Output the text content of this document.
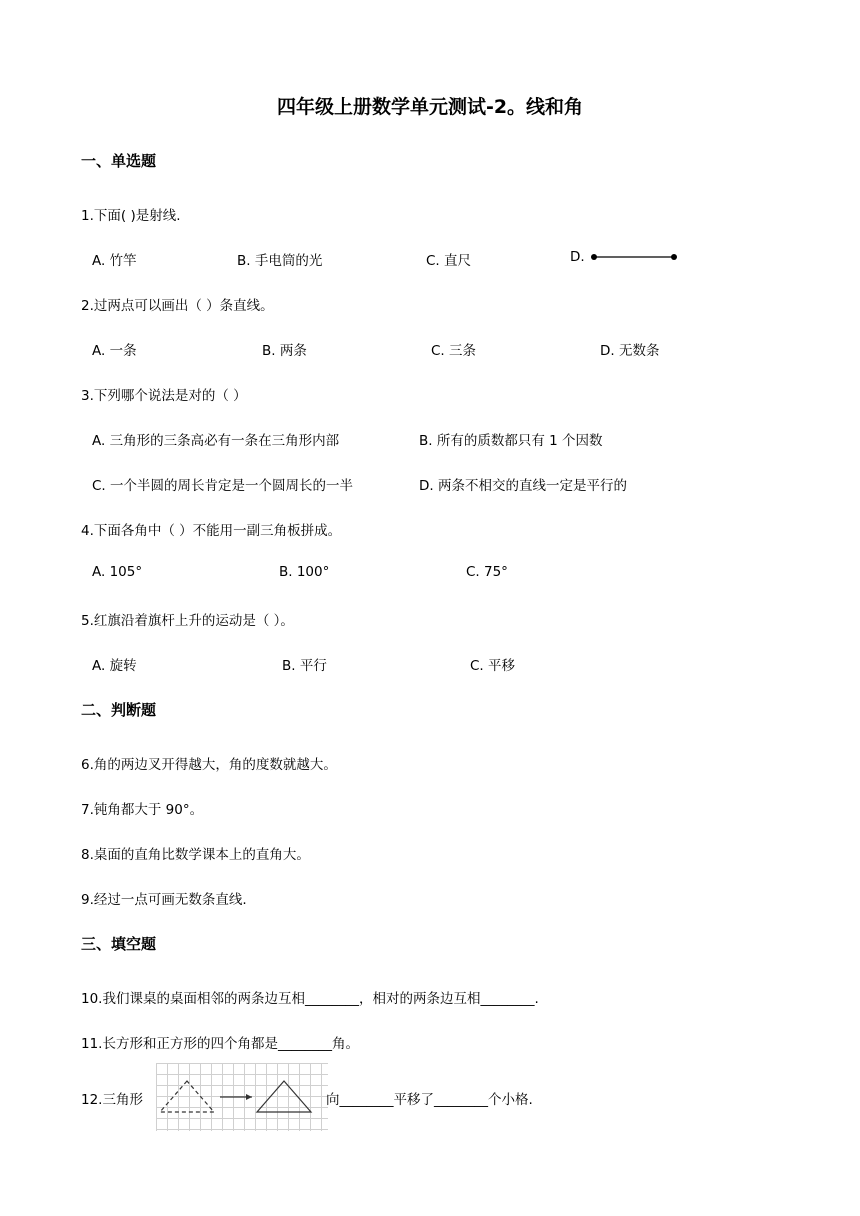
四年级上册数学单元测试-2。线和角
一、单选题
1.下面( )是射线.
A. 竹竿	B. 手电筒的光	C. 直尺	D.
2.过两点可以画出（ ）条直线。
A. 一条	B. 两条	C. 三条	D. 无数条
3.下列哪个说法是对的（ ）
A. 三角形的三条高必有一条在三角形内部	B. 所有的质数都只有 1 个因数
C. 一个半圆的周长肯定是一个圆周长的一半	D. 两条不相交的直线一定是平行的
4.下面各角中（ ）不能用一副三角板拼成。
A. 105°	B. 100°	C. 75°
5.红旗沿着旗杆上升的运动是（ ）。
A. 旋转	B. 平行	C. 平移
二、判断题
6.角的两边叉开得越大，角的度数就越大。
7.钝角都大于 90°。
8.桌面的直角比数学课本上的直角大。
9.经过一点可画无数条直线.
三、填空题
10.我们课桌的桌面相邻的两条边互相________，相对的两条边互相________.
11.长方形和正方形的四个角都是________角。
12.三角形	向________平移了________个小格.
